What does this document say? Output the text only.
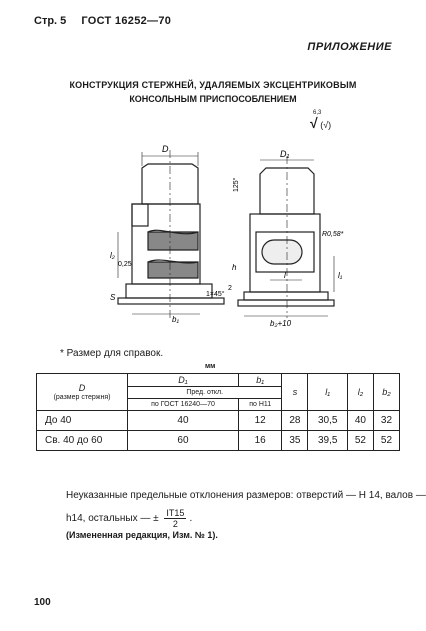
Стр. 5 ГОСТ 16252—70
ПРИЛОЖЕНИЕ
КОНСТРУКЦИЯ СТЕРЖНЕЙ, УДАЛЯЕМЫХ ЭКСЦЕНТРИКОВЫМ
КОНСОЛЬНЫМ ПРИСПОСОБЛЕНИЕМ
6,3
√ (√)
D
l₂
0,25
S
b₁
1×45°
D₁
125°
R0,58*
h
l	l₁
2
b₂+10
* Размер для справок.
мм
D
(размер стержня)	D₁	b₁	s	l₁	l₂	b₂
	Пред. откл.					
	по ГОСТ 16240—70	по H11				
До 40	40	12	28	30,5	40	32
Св. 40 до 60	60	16	35	39,5	52	52
Неуказанные предельные отклонения размеров: отверстий — H 14, валов —
h14, остальных — ± $\frac{IT15}{2}$ .
(Измененная редакция, Изм. № 1).
100
